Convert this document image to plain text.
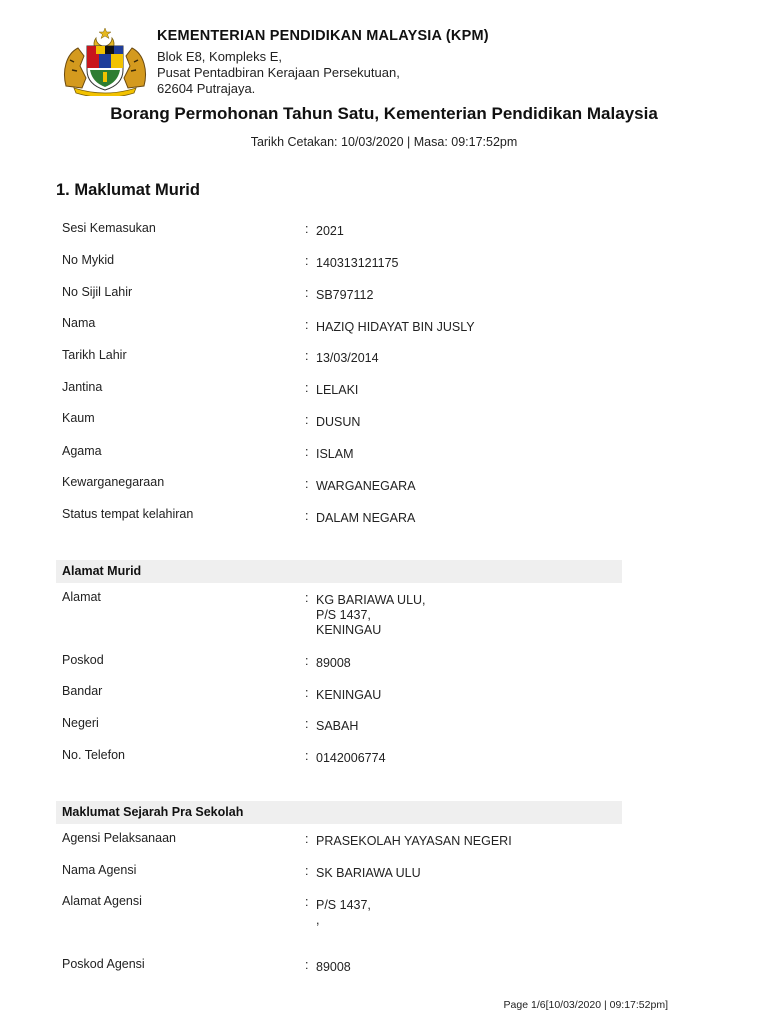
KEMENTERIAN PENDIDIKAN MALAYSIA (KPM)
Blok E8, Kompleks E,
Pusat Pentadbiran Kerajaan Persekutuan,
62604 Putrajaya.
Borang Permohonan Tahun Satu, Kementerian Pendidikan Malaysia
Tarikh Cetakan: 10/03/2020 | Masa: 09:17:52pm
1. Maklumat Murid
Sesi Kemasukan	: 2021
No Mykid	: 140313121175
No Sijil Lahir	: SB797112
Nama	: HAZIQ HIDAYAT BIN JUSLY
Tarikh Lahir	: 13/03/2014
Jantina	: LELAKI
Kaum	: DUSUN
Agama	: ISLAM
Kewarganegaraan	: WARGANEGARA
Status tempat kelahiran	: DALAM NEGARA
Alamat Murid
Alamat	: KG BARIAWA ULU,
P/S 1437,
KENINGAU
Poskod	: 89008
Bandar	: KENINGAU
Negeri	: SABAH
No. Telefon	: 0142006774
Maklumat Sejarah Pra Sekolah
Agensi Pelaksanaan	: PRASEKOLAH YAYASAN NEGERI
Nama Agensi	: SK BARIAWA ULU
Alamat Agensi	: P/S 1437,
,
Poskod Agensi	: 89008
Page 1/6[10/03/2020 | 09:17:52pm]
